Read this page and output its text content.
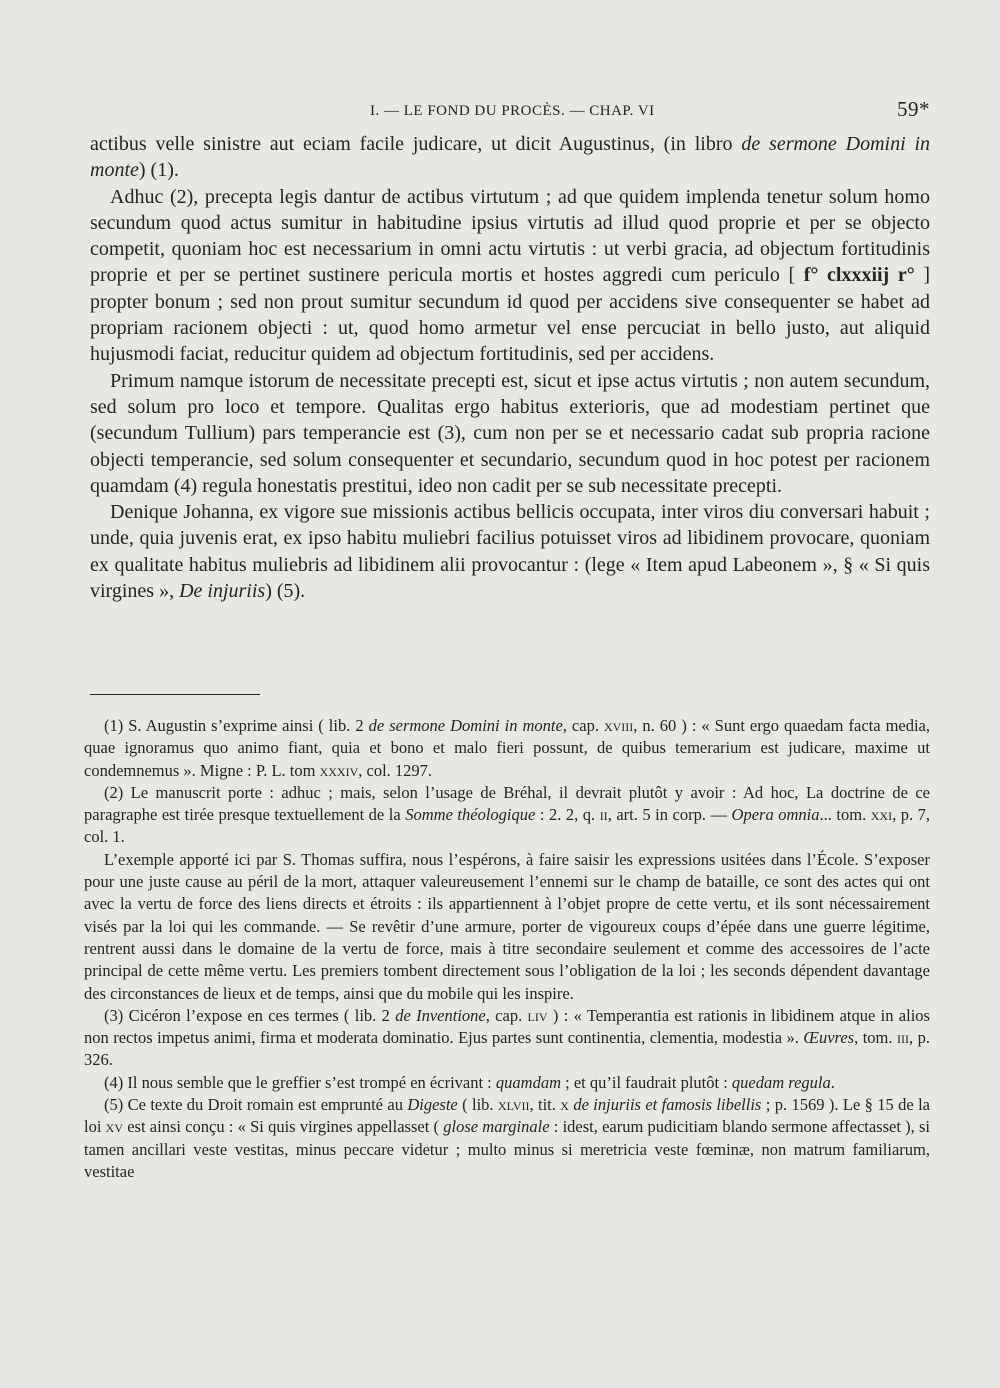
I. — LE FOND DU PROCÈS. — CHAP. VI	59*

actibus velle sinistre aut eciam facile judicare, ut dicit Augustinus, (in libro de sermone Domini in monte) (1).

Adhuc (2), precepta legis dantur de actibus virtutum ; ad que quidem implenda tenetur solum homo secundum quod actus sumitur in habitudine ipsius virtutis ad illud quod proprie et per se objecto competit, quoniam hoc est necessarium in omni actu virtutis : ut verbi gracia, ad objectum fortitudinis proprie et per se pertinet sustinere pericula mortis et hostes aggredi cum periculo [ f° clxxxiij r° ] propter bonum ; sed non prout sumitur secundum id quod per accidens sive consequenter se habet ad propriam racionem objecti : ut, quod homo armetur vel ense percuciat in bello justo, aut aliquid hujusmodi faciat, reducitur quidem ad objectum fortitudinis, sed per accidens.

Primum namque istorum de necessitate precepti est, sicut et ipse actus virtutis ; non autem secundum, sed solum pro loco et tempore. Qualitas ergo habitus exterioris, que ad modestiam pertinet que (secundum Tullium) pars temperancie est (3), cum non per se et necessario cadat sub propria racione objecti temperancie, sed solum consequenter et secundario, secundum quod in hoc potest per racionem quamdam (4) regula honestatis prestitui, ideo non cadit per se sub necessitate precepti.

Denique Johanna, ex vigore sue missionis actibus bellicis occupata, inter viros diu conversari habuit ; unde, quia juvenis erat, ex ipso habitu muliebri facilius potuisset viros ad libidinem provocare, quoniam ex qualitate habitus muliebris ad libidinem alii provocantur : (lege « Item apud Labeonem », § « Si quis virgines », De injuriis) (5).

(1) S. Augustin s’exprime ainsi ( lib. 2 de sermone Domini in monte, cap. xviii, n. 60 ) : « Sunt ergo quaedam facta media, quae ignoramus quo animo fiant, quia et bono et malo fieri possunt, de quibus temerarium est judicare, maxime ut condemnemus ». Migne : P. L. tom xxxiv, col. 1297.

(2) Le manuscrit porte : adhuc ; mais, selon l’usage de Bréhal, il devrait plutôt y avoir : Ad hoc, La doctrine de ce paragraphe est tirée presque textuellement de la Somme théologique : 2. 2, q. ii, art. 5 in corp. — Opera omnia... tom. xxi, p. 7, col. 1.

L’exemple apporté ici par S. Thomas suffira, nous l’espérons, à faire saisir les expressions usitées dans l’École. S’exposer pour une juste cause au péril de la mort, attaquer valeureusement l’ennemi sur le champ de bataille, ce sont des actes qui ont avec la vertu de force des liens directs et étroits : ils appartiennent à l’objet propre de cette vertu, et ils sont nécessairement visés par la loi qui les commande. — Se revêtir d’une armure, porter de vigoureux coups d’épée dans une guerre légitime, rentrent aussi dans le domaine de la vertu de force, mais à titre secondaire seulement et comme des accessoires de l’acte principal de cette même vertu. Les premiers tombent directement sous l’obligation de la loi ; les seconds dépendent davantage des circonstances de lieux et de temps, ainsi que du mobile qui les inspire.

(3) Cicéron l’expose en ces termes ( lib. 2 de Inventione, cap. liv ) : « Temperantia est rationis in libidinem atque in alios non rectos impetus animi, firma et moderata dominatio. Ejus partes sunt continentia, clementia, modestia ». Œuvres, tom. iii, p. 326.

(4) Il nous semble que le greffier s’est trompé en écrivant : quamdam ; et qu’il faudrait plutôt : quedam regula.

(5) Ce texte du Droit romain est emprunté au Digeste ( lib. xlvii, tit. x de injuriis et famosis libellis ; p. 1569 ). Le § 15 de la loi xv est ainsi conçu : « Si quis virgines appellasset ( glose marginale : idest, earum pudicitiam blando sermone affectasset ), si tamen ancillari veste vestitas, minus peccare videtur ; multo minus si meretricia veste fœminæ, non matrum familiarum, vestitae
